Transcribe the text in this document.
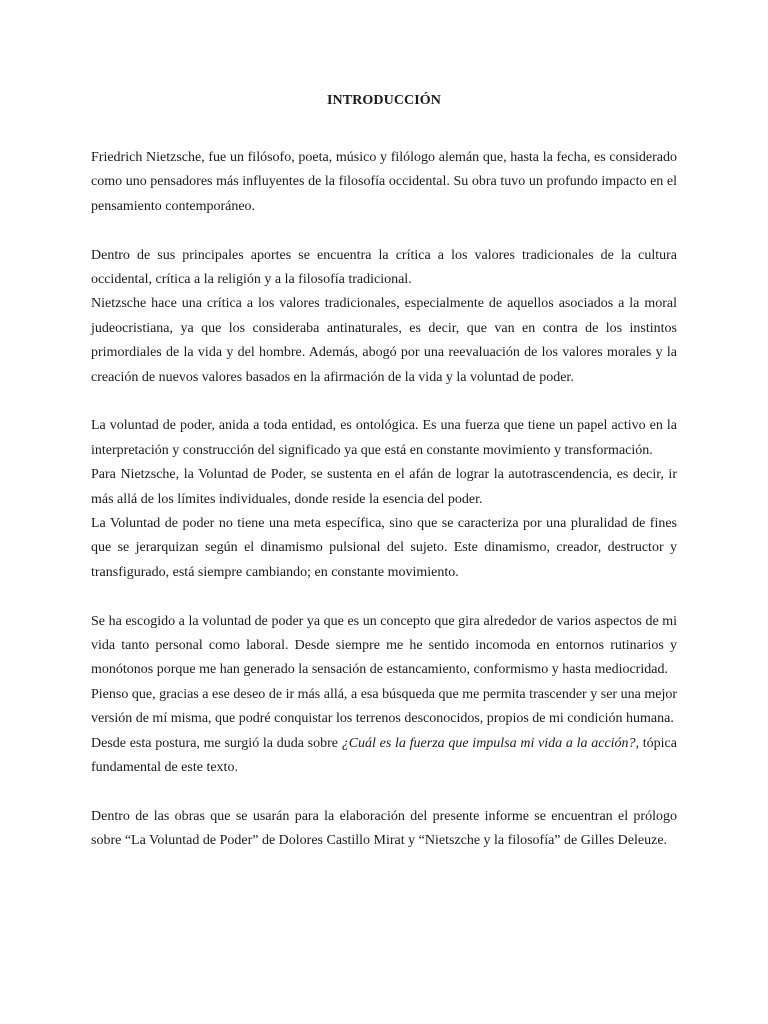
INTRODUCCIÓN

Friedrich Nietzsche, fue un filósofo, poeta, músico y filólogo alemán que, hasta la fecha, es considerado como uno pensadores más influyentes de la filosofía occidental. Su obra tuvo un profundo impacto en el pensamiento contemporáneo.

Dentro de sus principales aportes se encuentra la crítica a los valores tradicionales de la cultura occidental, crítica a la religión y a la filosofía tradicional.

Nietzsche hace una crítica a los valores tradicionales, especialmente de aquellos asociados a la moral judeocristiana, ya que los consideraba antinaturales, es decir, que van en contra de los instintos primordiales de la vida y del hombre. Además, abogó por una reevaluación de los valores morales y la creación de nuevos valores basados en la afirmación de la vida y la voluntad de poder.

La voluntad de poder, anida a toda entidad, es ontológica. Es una fuerza que tiene un papel activo en la interpretación y construcción del significado ya que está en constante movimiento y transformación.

Para Nietzsche, la Voluntad de Poder, se sustenta en el afán de lograr la autotrascendencia, es decir, ir más allá de los límites individuales, donde reside la esencia del poder.

La Voluntad de poder no tiene una meta específica, sino que se caracteriza por una pluralidad de fines que se jerarquizan según el dinamismo pulsional del sujeto. Este dinamismo, creador, destructor y transfigurado, está siempre cambiando; en constante movimiento.

Se ha escogido a la voluntad de poder ya que es un concepto que gira alrededor de varios aspectos de mi vida tanto personal como laboral. Desde siempre me he sentido incomoda en entornos rutinarios y monótonos porque me han generado la sensación de estancamiento, conformismo y hasta mediocridad.

Pienso que, gracias a ese deseo de ir más allá, a esa búsqueda que me permita trascender y ser una mejor versión de mí misma, que podré conquistar los terrenos desconocidos, propios de mi condición humana.

Desde esta postura, me surgió la duda sobre ¿Cuál es la fuerza que impulsa mi vida a la acción?, tópica fundamental de este texto.

Dentro de las obras que se usarán para la elaboración del presente informe se encuentran el prólogo sobre “La Voluntad de Poder” de Dolores Castillo Mirat y “Nietszche y la filosofía” de Gilles Deleuze.
